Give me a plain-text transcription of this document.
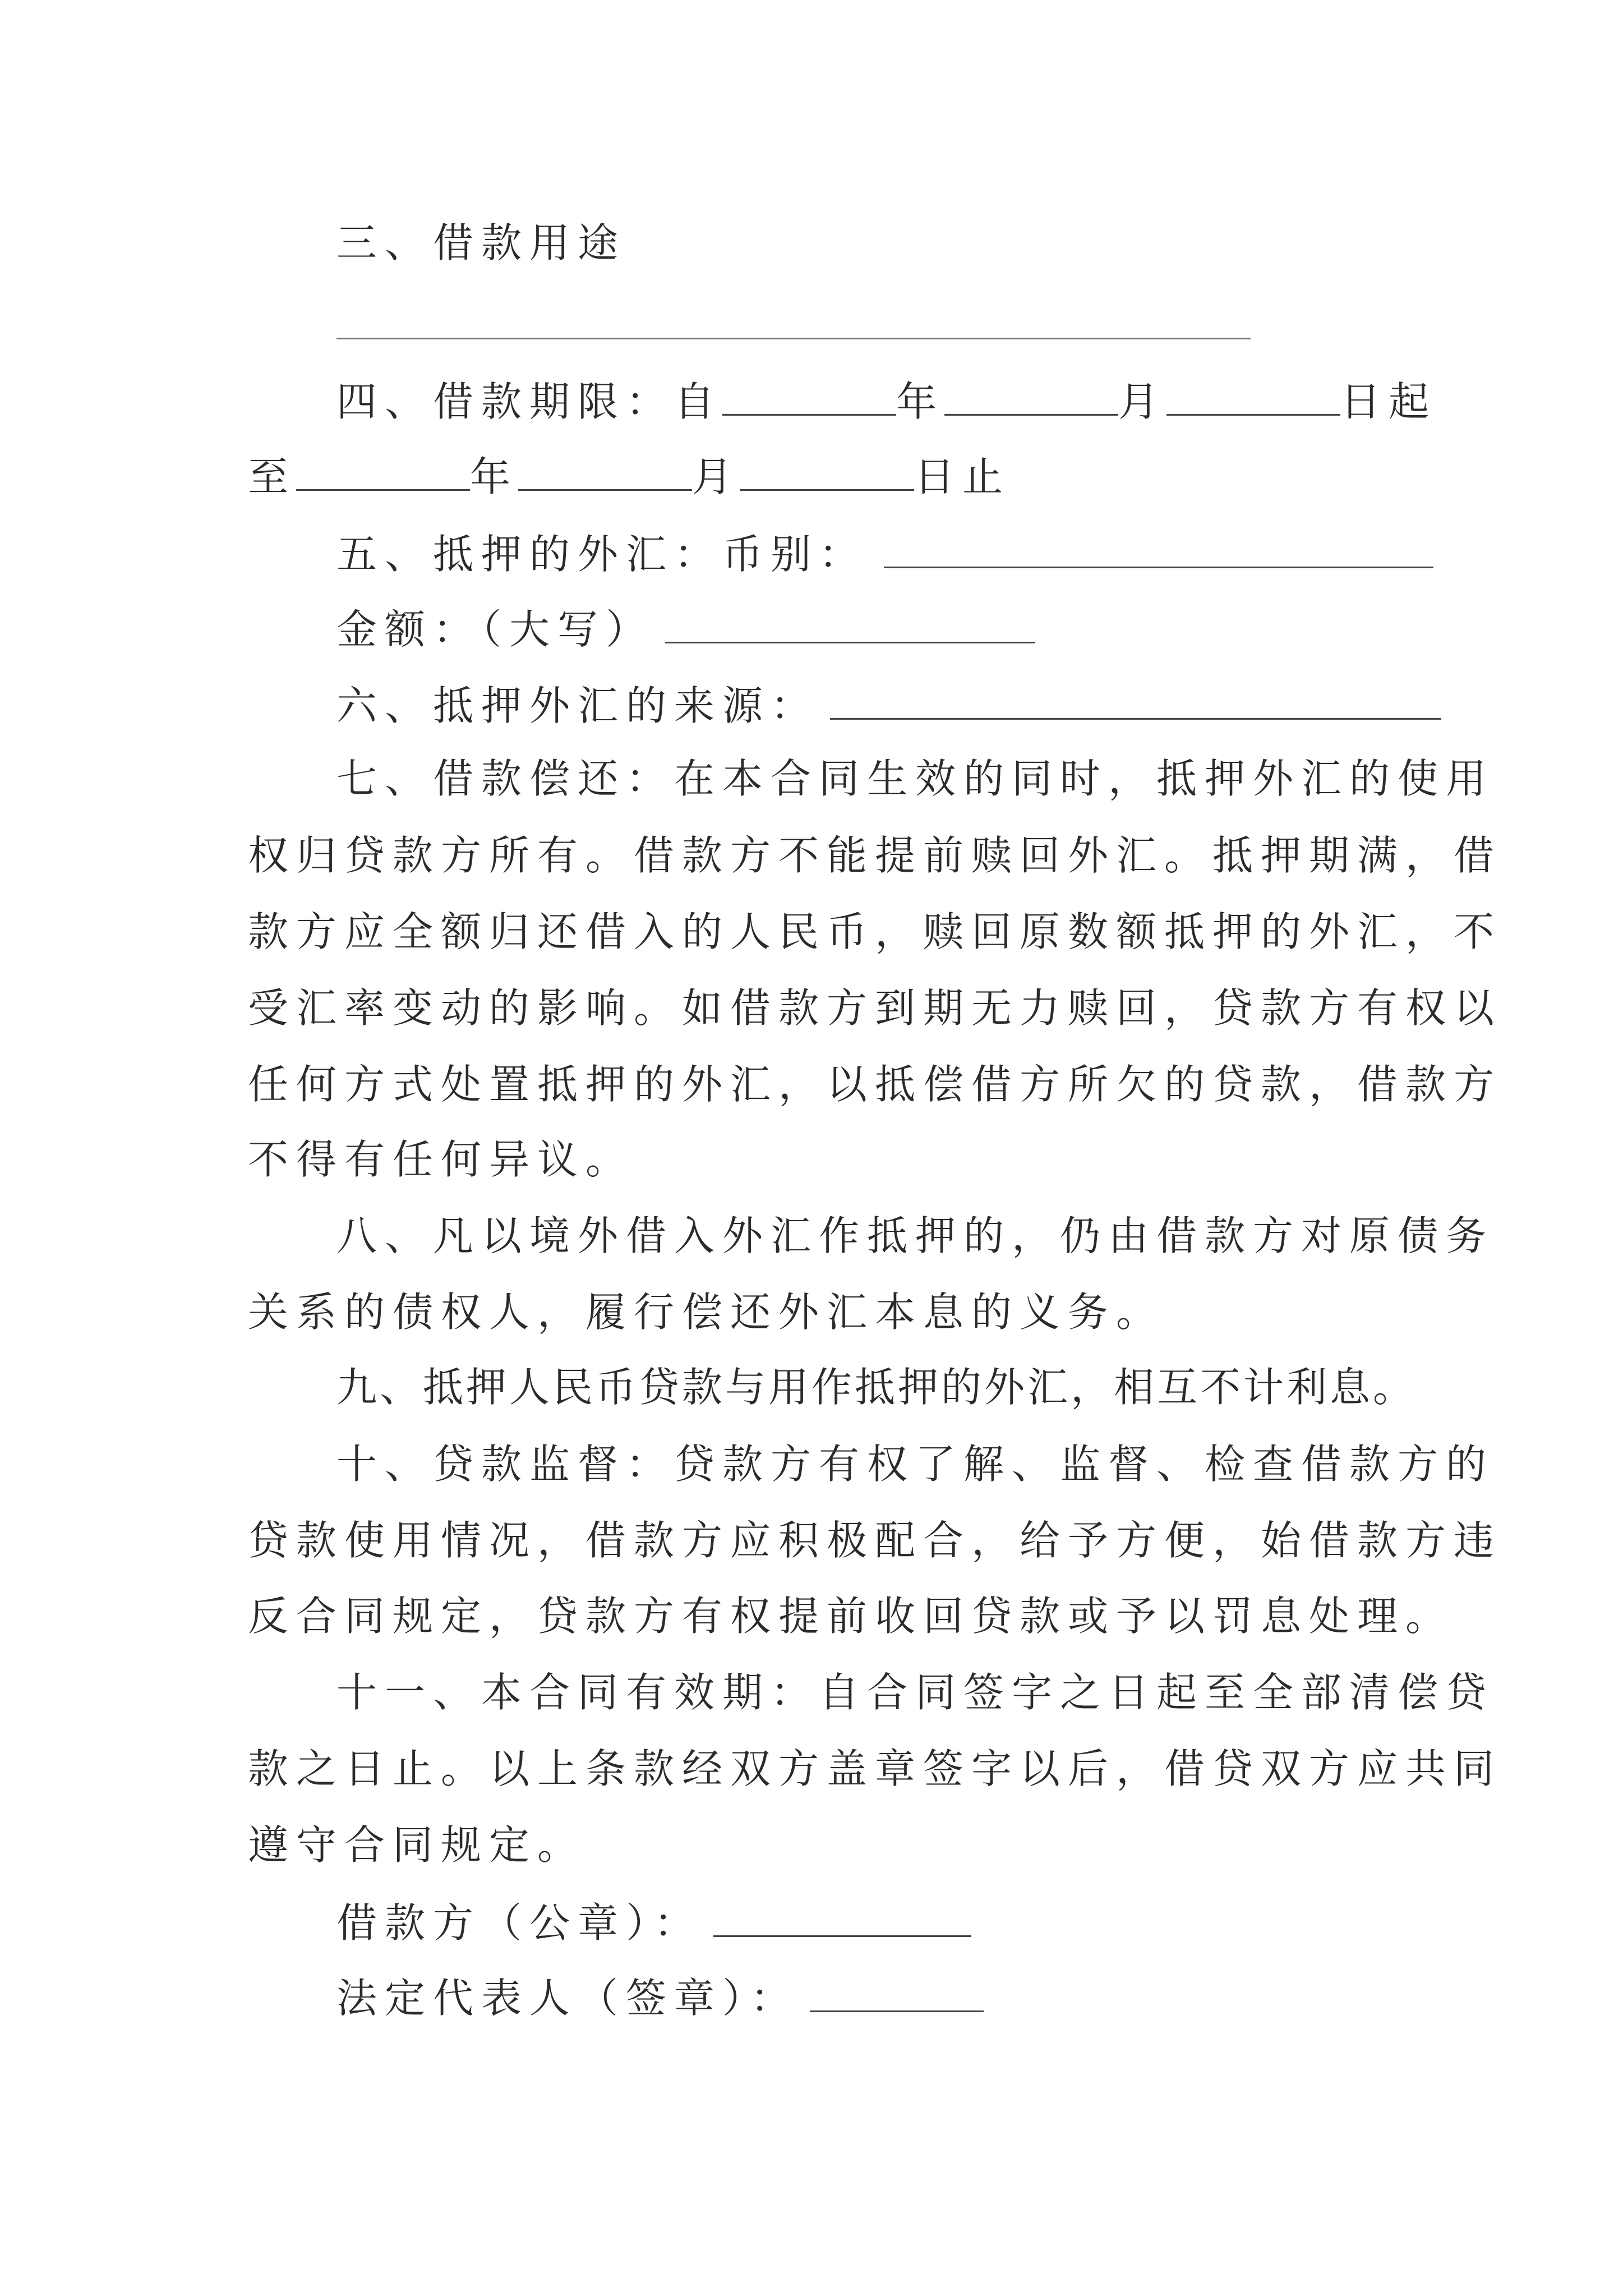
三、借款用途
四、借款期限：自	年	月	日起
至	年	月	日止
五、抵押的外汇：币别：
金额：（大写）
六、抵押外汇的来源：
七、借款偿还：在本合同生效的同时，抵押外汇的使用
权归贷款方所有。借款方不能提前赎回外汇。抵押期满，借
款方应全额归还借入的人民币，赎回原数额抵押的外汇，不
受汇率变动的影响。如借款方到期无力赎回，贷款方有权以
任何方式处置抵押的外汇，以抵偿借方所欠的贷款，借款方
不得有任何异议。
八、凡以境外借入外汇作抵押的，仍由借款方对原债务
关系的债权人，履行偿还外汇本息的义务。
九、抵押人民币贷款与用作抵押的外汇，相互不计利息。
十、贷款监督：贷款方有权了解、监督、检查借款方的
贷款使用情况，借款方应积极配合，给予方便，始借款方违
反合同规定，贷款方有权提前收回贷款或予以罚息处理。
十一、本合同有效期：自合同签字之日起至全部清偿贷
款之日止。以上条款经双方盖章签字以后，借贷双方应共同
遵守合同规定。
借款方（公章）：
法定代表人（签章）：
